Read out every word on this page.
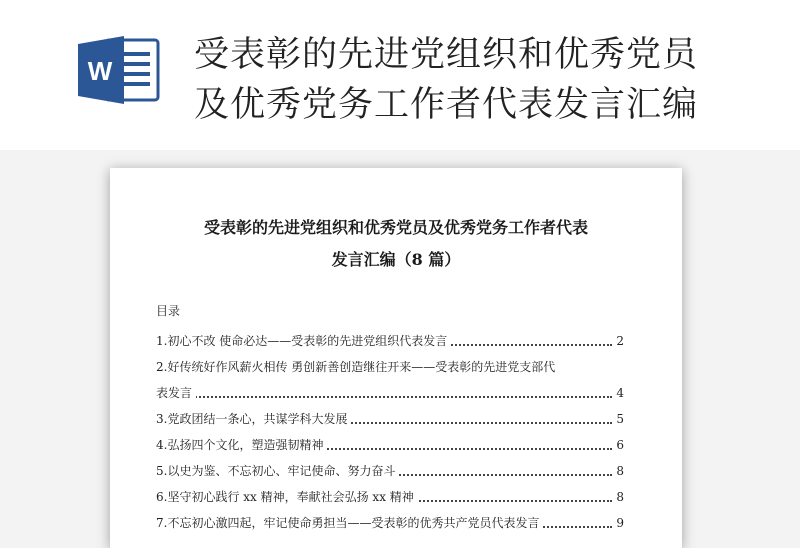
W 受表彰的先进党组织和优秀党员
及优秀党务工作者代表发言汇编
受表彰的先进党组织和优秀党员及优秀党务工作者代表
发言汇编（8 篇）
目录
1.初心不改 使命必达——受表彰的先进党组织代表发言	2
2.好传统好作风薪火相传 勇创新善创造继往开来——受表彰的先进党支部代
表发言	4
3.党政团结一条心，共谋学科大发展	5
4.弘扬四个文化，塑造强韧精神	6
5.以史为鉴、不忘初心、牢记使命、努力奋斗	8
6.坚守初心践行 xx 精神，奉献社会弘扬 xx 精神	8
7.不忘初心激四起，牢记使命勇担当——受表彰的优秀共产党员代表发言	9
